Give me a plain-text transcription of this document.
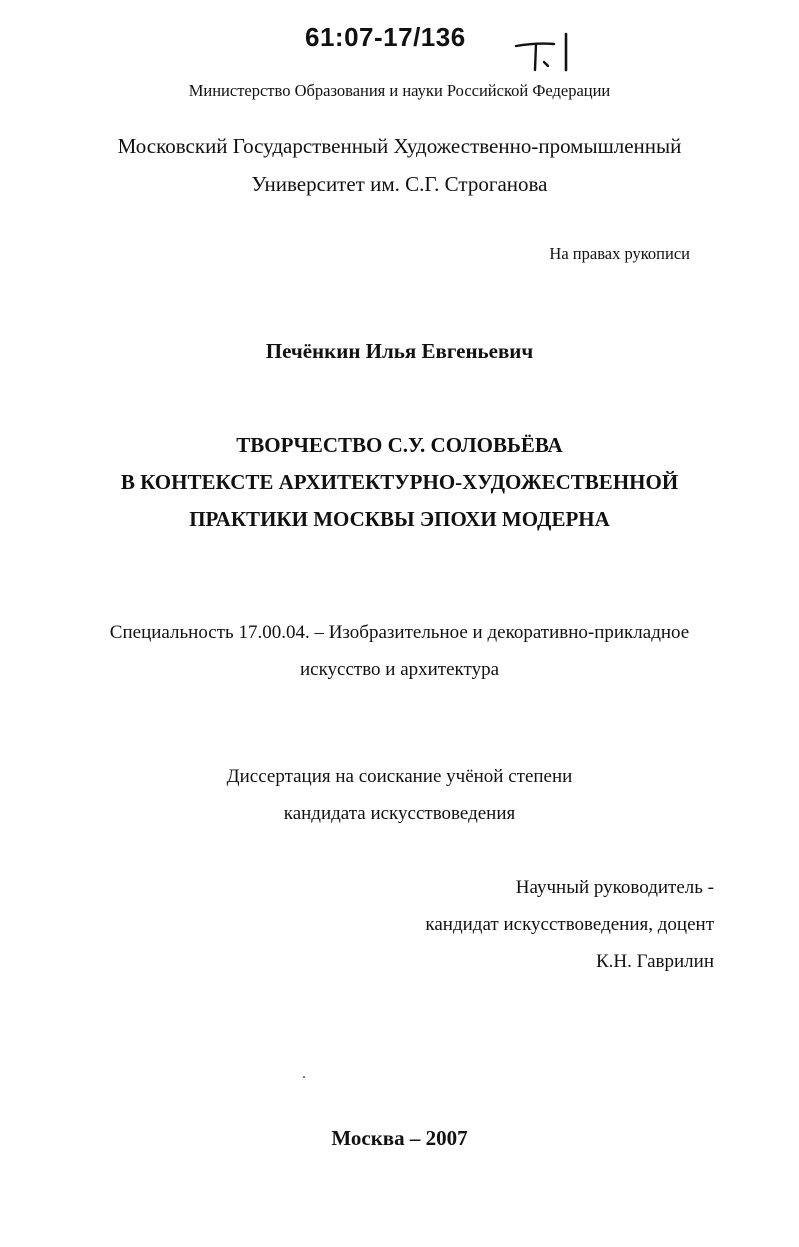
61:07-17/136
Министерство Образования и науки Российской Федерации
Московский Государственный Художественно-промышленный
Университет им. С.Г. Строганова
На правах рукописи
Печёнкин Илья Евгеньевич
ТВОРЧЕСТВО С.У. СОЛОВЬЁВА
В КОНТЕКСТЕ АРХИТЕКТУРНО-ХУДОЖЕСТВЕННОЙ
ПРАКТИКИ МОСКВЫ ЭПОХИ МОДЕРНА
Специальность 17.00.04. – Изобразительное и декоративно-прикладное
искусство и архитектура
Диссертация на соискание учёной степени
кандидата искусствоведения
Научный руководитель -
кандидат искусствоведения, доцент
К.Н. Гаврилин
Москва – 2007
